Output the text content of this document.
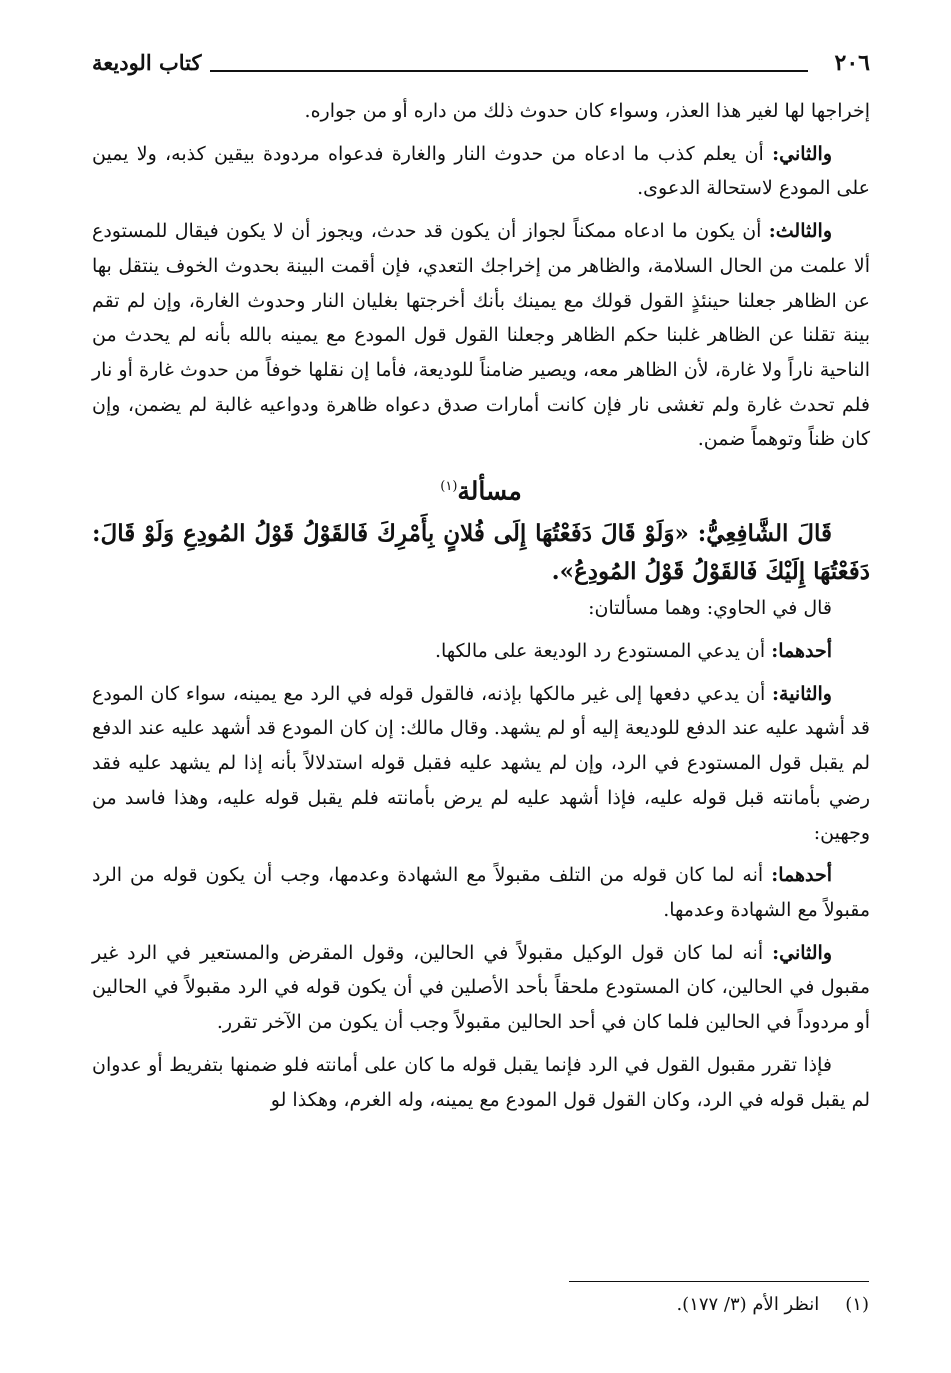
٢٠٦
كتاب الوديعة

إخراجها لها لغير هذا العذر، وسواء كان حدوث ذلك من داره أو من جواره.

والثاني: أن يعلم كذب ما ادعاه من حدوث النار والغارة فدعواه مردودة بيقين كذبه، ولا يمين على المودع لاستحالة الدعوى.

والثالث: أن يكون ما ادعاه ممكناً لجواز أن يكون قد حدث، ويجوز أن لا يكون فيقال للمستودع ألا علمت من الحال السلامة، والظاهر من إخراجك التعدي، فإن أقمت البينة بحدوث الخوف ينتقل بها عن الظاهر جعلنا حينئذٍ القول قولك مع يمينك بأنك أخرجتها بغليان النار وحدوث الغارة، وإن لم تقم بينة تقلنا عن الظاهر غلبنا حكم الظاهر وجعلنا القول قول المودع مع يمينه بالله بأنه لم يحدث من الناحية ناراً ولا غارة، لأن الظاهر معه، ويصير ضامناً للوديعة، فأما إن نقلها خوفاً من حدوث غارة أو نار فلم تحدث غارة ولم تغشى نار فإن كانت أمارات صدق دعواه ظاهرة ودواعيه غالبة لم يضمن، وإن كان ظناً وتوهماً ضمن.

مسألة$^{(١)}$

قَالَ الشَّافِعِيُّ: «وَلَوْ قَالَ دَفَعْتُهَا إِلَى فُلانٍ بِأَمْرِكَ فَالقَوْلُ قَوْلُ المُودِعِ وَلَوْ قَالَ: دَفَعْتُهَا إِلَيْكَ فَالقَوْلُ قَوْلُ المُودِعُ».

قال في الحاوي: وهما مسألتان:

أحدهما: أن يدعي المستودع رد الوديعة على مالكها.

والثانية: أن يدعي دفعها إلى غير مالكها بإذنه، فالقول قوله في الرد مع يمينه، سواء كان المودع قد أشهد عليه عند الدفع للوديعة إليه أو لم يشهد. وقال مالك: إن كان المودع قد أشهد عليه عند الدفع لم يقبل قول المستودع في الرد، وإن لم يشهد عليه فقبل قوله استدلالاً بأنه إذا لم يشهد عليه فقد رضي بأمانته قبل قوله عليه، فإذا أشهد عليه لم يرض بأمانته فلم يقبل قوله عليه، وهذا فاسد من وجهين:

أحدهما: أنه لما كان قوله من التلف مقبولاً مع الشهادة وعدمها، وجب أن يكون قوله من الرد مقبولاً مع الشهادة وعدمها.

والثاني: أنه لما كان قول الوكيل مقبولاً في الحالين، وقول المقرض والمستعير في الرد غير مقبول في الحالين، كان المستودع ملحقاً بأحد الأصلين في أن يكون قوله في الرد مقبولاً في الحالين أو مردوداً في الحالين فلما كان في أحد الحالين مقبولاً وجب أن يكون من الآخر تقرر.

فإذا تقرر مقبول القول في الرد فإنما يقبل قوله ما كان على أمانته فلو ضمنها بتفريط أو عدوان لم يقبل قوله في الرد، وكان القول قول المودع مع يمينه، وله الغرم، وهكذا لو

(١)انظر الأم (٣/ ١٧٧).
